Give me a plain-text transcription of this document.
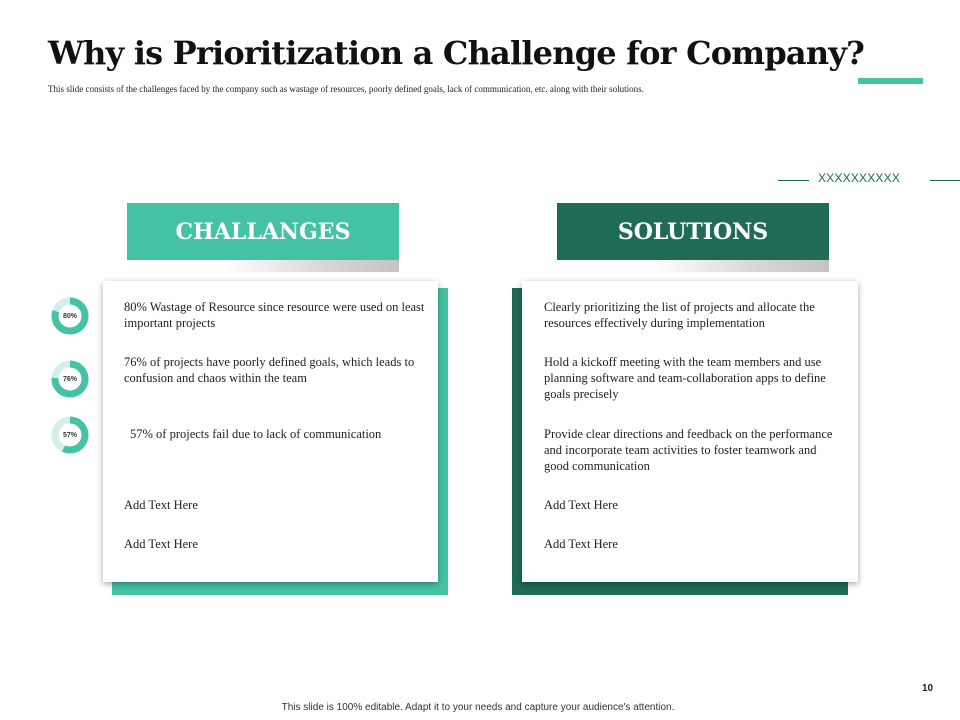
Why is Prioritization a Challenge for Company?
This slide consists of the challenges faced by the company such as wastage of resources, poorly defined goals, lack of communication, etc. along with their solutions.
XXXXXXXXXX
CHALLANGES	SOLUTIONS
80% Wastage of Resource since resource were used on least important projects
76% of projects have poorly defined goals, which leads to confusion and chaos within the team
57% of projects fail due to lack of communication
Add Text Here
Add Text Here
80%
76%
57%
Clearly prioritizing the list of projects and allocate the resources effectively during implementation
Hold a kickoff meeting with the team members and use planning software and team-collaboration apps to define goals precisely
Provide clear directions and feedback on the performance and incorporate team activities to foster teamwork and good communication
Add Text Here
Add Text Here
10
This slide is 100% editable. Adapt it to your needs and capture your audience's attention.
